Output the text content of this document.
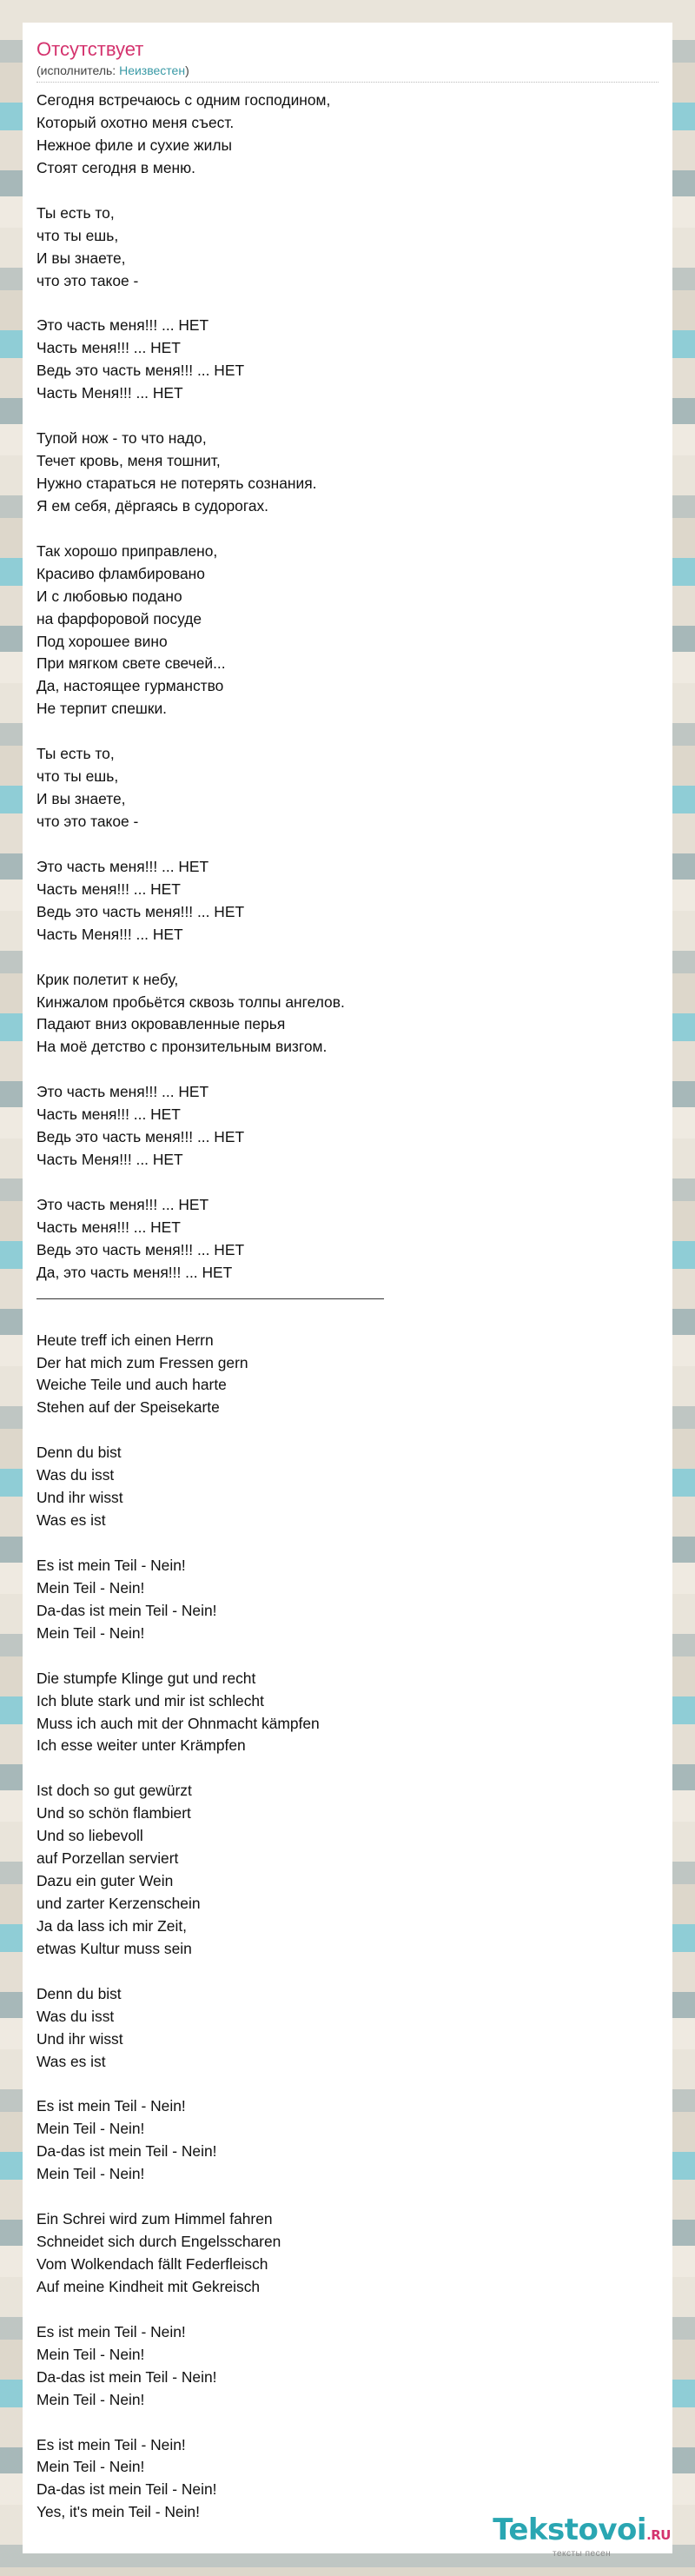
Отсутствует
(исполнитель: Неизвестен)
Сегодня встречаюсь с одним господином,
Который охотно меня съест.
Нежное филе и сухие жилы
Стоят сегодня в меню.
Ты есть то,
что ты ешь,
И вы знаете,
что это такое -
Это часть меня!!! ... НЕТ
Часть меня!!! ... НЕТ
Ведь это часть меня!!! ... НЕТ
Часть Меня!!! ... НЕТ
Тупой нож - то что надо,
Течет кровь, меня тошнит,
Нужно стараться не потерять сознания.
Я ем себя, дёргаясь в судорогах.
Так хорошо приправлено,
Красиво фламбировано
И с любовью подано
на фарфоровой посуде
Под хорошее вино
При мягком свете свечей...
Да, настоящее гурманство
Не терпит спешки.
Ты есть то,
что ты ешь,
И вы знаете,
что это такое -
Это часть меня!!! ... НЕТ
Часть меня!!! ... НЕТ
Ведь это часть меня!!! ... НЕТ
Часть Меня!!! ... НЕТ
Крик полетит к небу,
Кинжалом пробьётся сквозь толпы ангелов.
Падают вниз окровавленные перья
На моё детство с пронзительным визгом.
Это часть меня!!! ... НЕТ
Часть меня!!! ... НЕТ
Ведь это часть меня!!! ... НЕТ
Часть Меня!!! ... НЕТ
Это часть меня!!! ... НЕТ
Часть меня!!! ... НЕТ
Ведь это часть меня!!! ... НЕТ
Да, это часть меня!!! ... НЕТ
Heute treff ich einen Herrn
Der hat mich zum Fressen gern
Weiche Teile und auch harte
Stehen auf der Speisekarte
Denn du bist
Was du isst
Und ihr wisst
Was es ist
Es ist mein Teil - Nein!
Mein Teil - Nein!
Da-das ist mein Teil - Nein!
Mein Teil - Nein!
Die stumpfe Klinge gut und recht
Ich blute stark und mir ist schlecht
Muss ich auch mit der Ohnmacht kämpfen
Ich esse weiter unter Krämpfen
Ist doch so gut gewürzt
Und so schön flambiert
Und so liebevoll
auf Porzellan serviert
Dazu ein guter Wein
und zarter Kerzenschein
Ja da lass ich mir Zeit,
etwas Kultur muss sein
Denn du bist
Was du isst
Und ihr wisst
Was es ist
Es ist mein Teil - Nein!
Mein Teil - Nein!
Da-das ist mein Teil - Nein!
Mein Teil - Nein!
Ein Schrei wird zum Himmel fahren
Schneidet sich durch Engelsscharen
Vom Wolkendach fällt Federfleisch
Auf meine Kindheit mit Gekreisch
Es ist mein Teil - Nein!
Mein Teil - Nein!
Da-das ist mein Teil - Nein!
Mein Teil - Nein!
Es ist mein Teil - Nein!
Mein Teil - Nein!
Da-das ist mein Teil - Nein!
Yes, it's mein Teil - Nein!
Tekstovoi.RU
тексты песен
